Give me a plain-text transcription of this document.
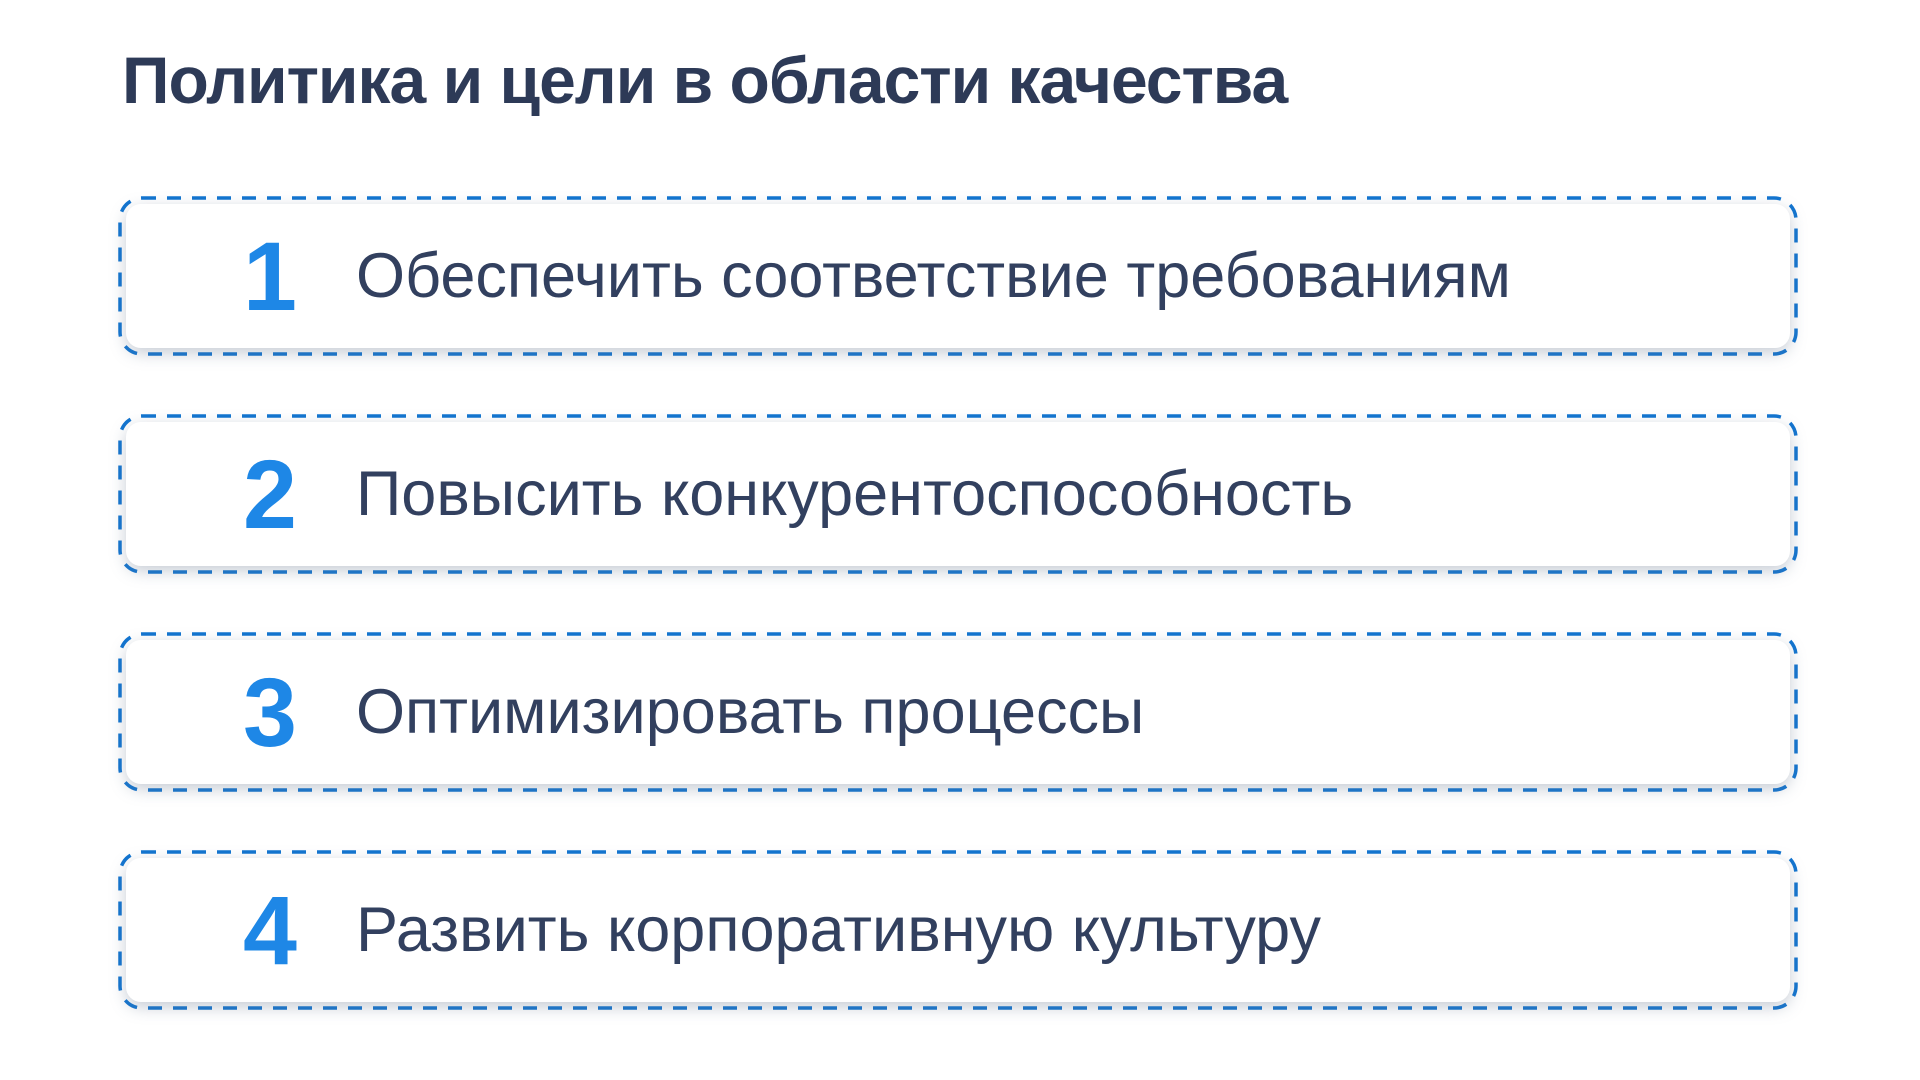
Политика и цели в области качества
1 Обеспечить соответствие требованиям
2 Повысить конкурентоспособность
3 Оптимизировать процессы
4 Развить корпоративную культуру
